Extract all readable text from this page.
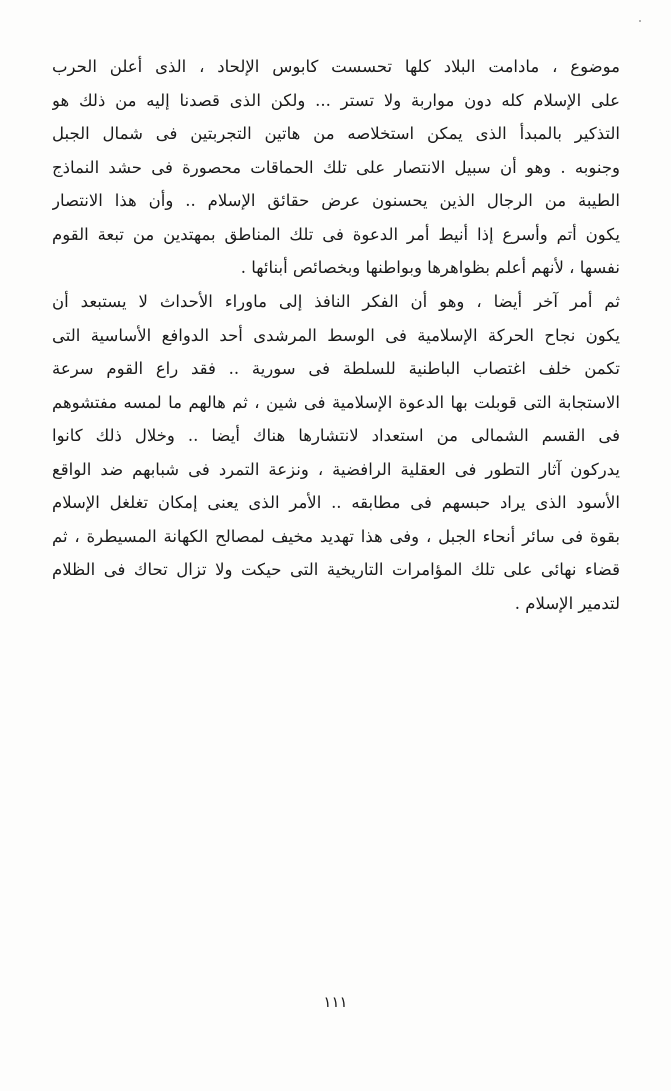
موضوع ، مادامت البلاد كلها تحسست كابوس الإلحاد ، الذى أعلن الحرب
على الإسلام كله دون مواربة ولا تستر ... ولكن الذى قصدنا إليه من ذلك هو
التذكير بالمبدأ الذى يمكن استخلاصه من هاتين التجربتين فى شمال الجبل
وجنوبه . وهو أن سبيل الانتصار على تلك الحماقات محصورة فى حشد النماذج
الطيبة من الرجال الذين يحسنون عرض حقائق الإسلام .. وأن هذا الانتصار
يكون أتم وأسرع إذا أنيط أمر الدعوة فى تلك المناطق بمهتدين من تبعة القوم
نفسها ، لأنهم أعلم بظواهرها وبواطنها وبخصائص أبنائها .
ثم أمر آخر أيضا ، وهو أن الفكر النافذ إلى ماوراء الأحداث لا يستبعد أن
يكون نجاح الحركة الإسلامية فى الوسط المرشدى أحد الدوافع الأساسية التى
تكمن خلف اغتصاب الباطنية للسلطة فى سورية .. فقد راع القوم سرعة
الاستجابة التى قوبلت بها الدعوة الإسلامية فى شين ، ثم هالهم ما لمسه مفتشوهم
فى القسم الشمالى من استعداد لانتشارها هناك أيضا .. وخلال ذلك كانوا
يدركون آثار التطور فى العقلية الرافضية ، ونزعة التمرد فى شبابهم ضد الواقع
الأسود الذى يراد حبسهم فى مطابقه .. الأمر الذى يعنى إمكان تغلغل الإسلام
بقوة فى سائر أنحاء الجبل ، وفى هذا تهديد مخيف لمصالح الكهانة المسيطرة ، ثم
قضاء نهائى على تلك المؤامرات التاريخية التى حيكت ولا تزال تحاك فى الظلام
لتدمير الإسلام .
١١١
